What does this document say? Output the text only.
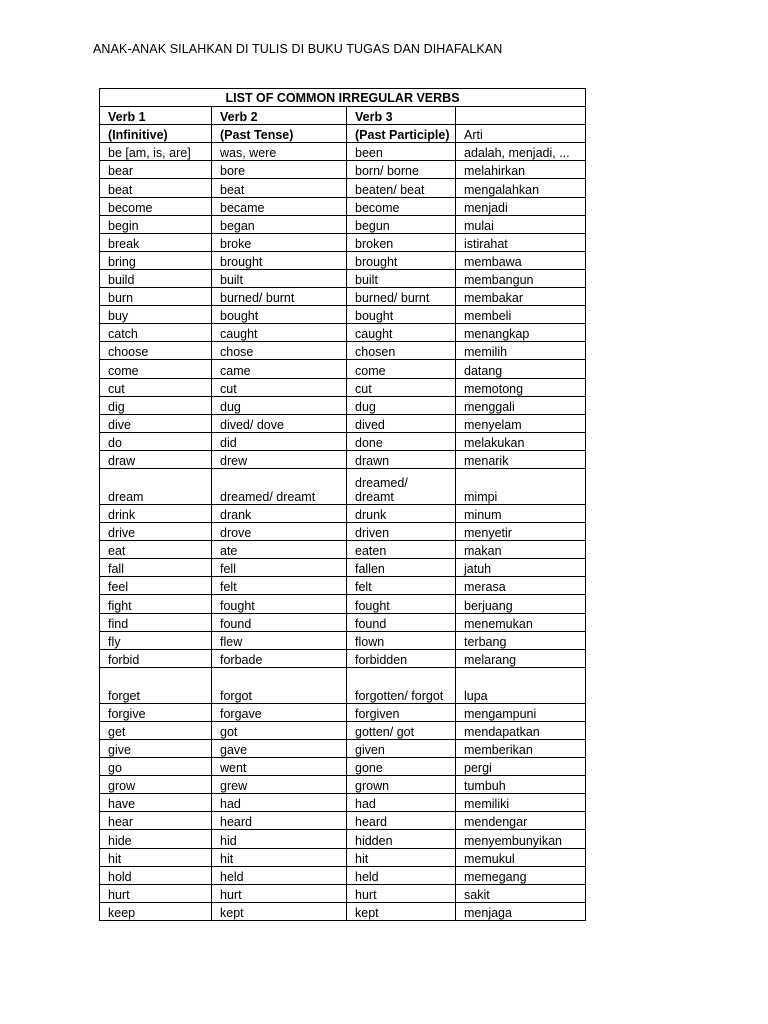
ANAK-ANAK SILAHKAN DI TULIS DI BUKU TUGAS DAN DIHAFALKAN
LIST OF COMMON IRREGULAR VERBS			
Verb 1	Verb 2	Verb 3	
(Infinitive)	(Past Tense)	(Past Participle)	Arti
be [am, is, are]	was, were	been	adalah, menjadi, ...
bear	bore	born/ borne	melahirkan
beat	beat	beaten/ beat	mengalahkan
become	became	become	menjadi
begin	began	begun	mulai
break	broke	broken	istirahat
bring	brought	brought	membawa
build	built	built	membangun
burn	burned/ burnt	burned/ burnt	membakar
buy	bought	bought	membeli
catch	caught	caught	menangkap
choose	chose	chosen	memilih
come	came	come	datang
cut	cut	cut	memotong
dig	dug	dug	menggali
dive	dived/ dove	dived	menyelam
do	did	done	melakukan
draw	drew	drawn	menarik
dream	dreamed/ dreamt	dreamed/ dreamt	mimpi
drink	drank	drunk	minum
drive	drove	driven	menyetir
eat	ate	eaten	makan
fall	fell	fallen	jatuh
feel	felt	felt	merasa
fight	fought	fought	berjuang
find	found	found	menemukan
fly	flew	flown	terbang
forbid	forbade	forbidden	melarang
forget	forgot	forgotten/ forgot	lupa
forgive	forgave	forgiven	mengampuni
get	got	gotten/ got	mendapatkan
give	gave	given	memberikan
go	went	gone	pergi
grow	grew	grown	tumbuh
have	had	had	memiliki
hear	heard	heard	mendengar
hide	hid	hidden	menyembunyikan
hit	hit	hit	memukul
hold	held	held	memegang
hurt	hurt	hurt	sakit
keep	kept	kept	menjaga
